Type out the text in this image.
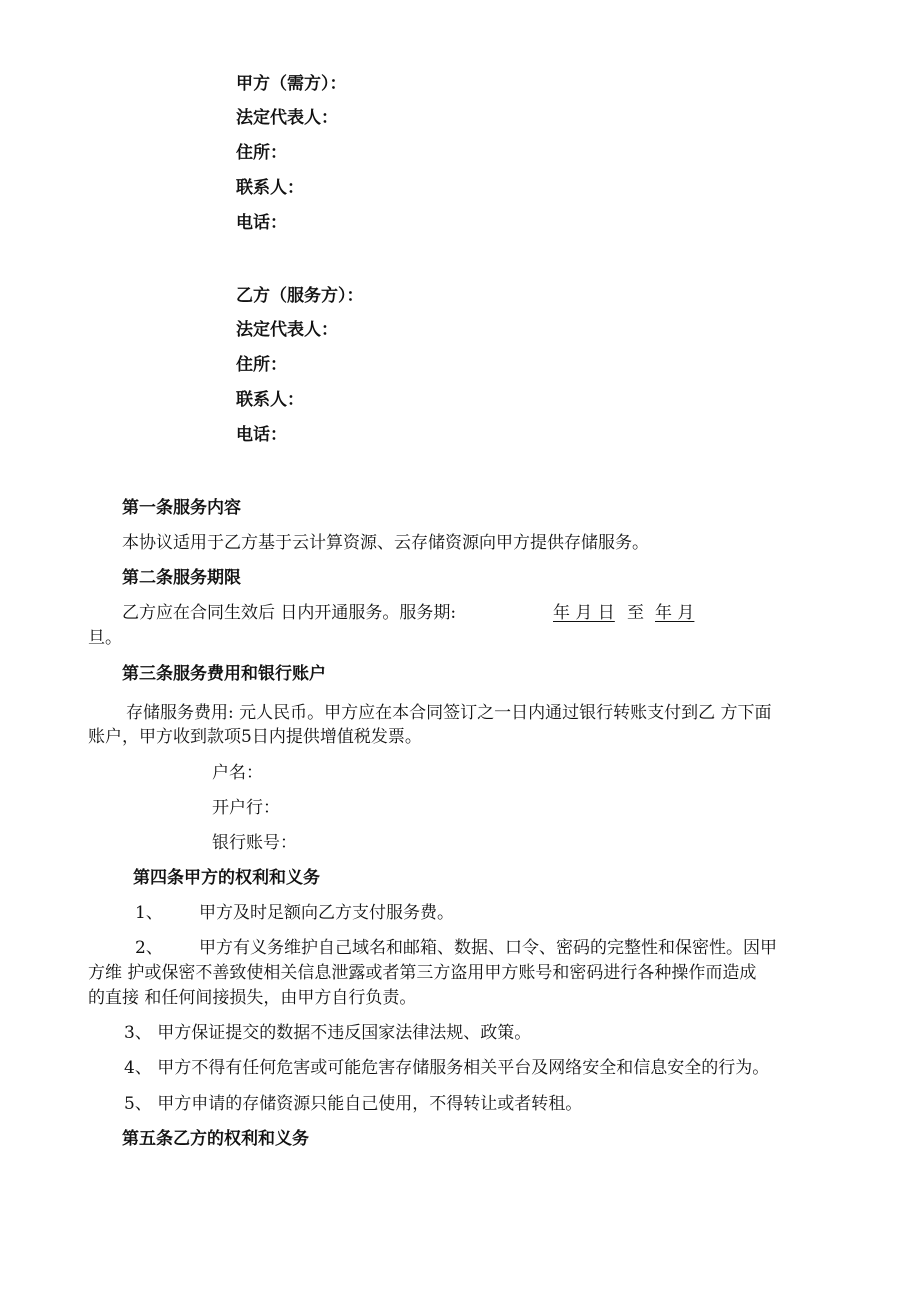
甲方（需方）：
法定代表人：
住所：
联系人：
电话：
乙方（服务方）：
法定代表人：
住所：
联系人：
电话：
第一条服务内容
本协议适用于乙方基于云计算资源、云存储资源向甲方提供存储服务。
第二条服务期限
乙方应在合同生效后 日内开通服务。服务期:	年 月 日 至 年 月
旦。
第三条服务费用和银行账户
存储服务费用: 元人民币。甲方应在本合同签订之一日内通过银行转账支付到乙 方下面
账户，甲方收到款项5日内提供增值税发票。
户名：
开户行：
银行账号：
第四条甲方的权利和义务
1、 甲方及时足额向乙方支付服务费。
2、 甲方有义务维护自己域名和邮箱、数据、口令、密码的完整性和保密性。因甲
方维 护或保密不善致使相关信息泄露或者第三方盗用甲方账号和密码进行各种操作而造成
的直接 和任何间接损失，由甲方自行负责。
3、 甲方保证提交的数据不违反国家法律法规、政策。
4、 甲方不得有任何危害或可能危害存储服务相关平台及网络安全和信息安全的行为。
5、 甲方申请的存储资源只能自己使用，不得转让或者转租。
第五条乙方的权利和义务
